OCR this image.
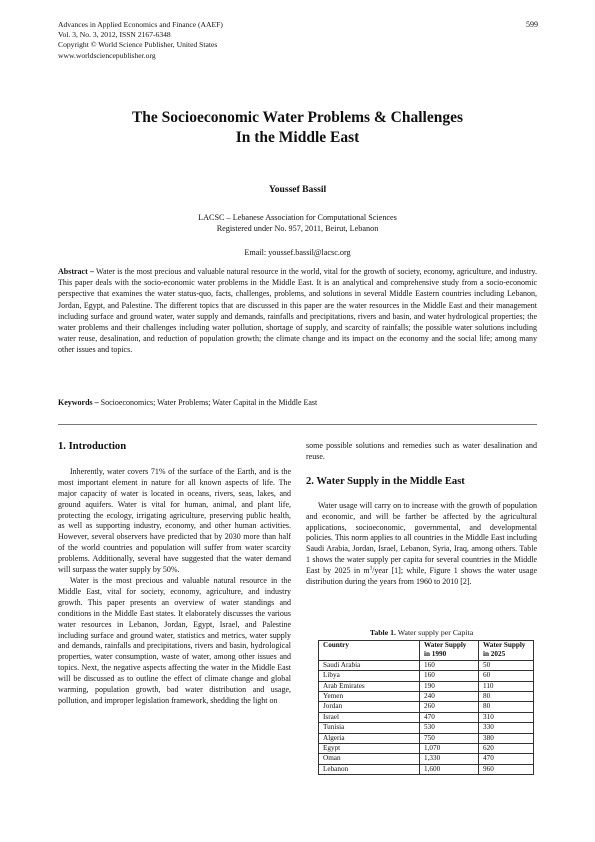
Advances in Applied Economics and Finance (AAEF)
Vol. 3, No. 3, 2012, ISSN 2167-6348
Copyright © World Science Publisher, United States
www.worldsciencepublisher.org
599
The Socioeconomic Water Problems & Challenges
In the Middle East
Youssef Bassil
LACSC – Lebanese Association for Computational Sciences
Registered under No. 957, 2011, Beirut, Lebanon
Email: youssef.bassil@lacsc.org
Abstract – Water is the most precious and valuable natural resource in the world, vital for the growth of society, economy, agriculture, and industry. This paper deals with the socio-economic water problems in the Middle East. It is an analytical and comprehensive study from a socio-economic perspective that examines the water status-quo, facts, challenges, problems, and solutions in several Middle Eastern countries including Lebanon, Jordan, Egypt, and Palestine. The different topics that are discussed in this paper are the water resources in the Middle East and their management including surface and ground water, water supply and demands, rainfalls and precipitations, rivers and basin, and water hydrological properties; the water problems and their challenges including water pollution, shortage of supply, and scarcity of rainfalls; the possible water solutions including water reuse, desalination, and reduction of population growth; the climate change and its impact on the economy and the social life; among many other issues and topics.
Keywords – Socioeconomics; Water Problems; Water Capital in the Middle East
1. Introduction

Inherently, water covers 71% of the surface of the Earth, and is the most important element in nature for all known aspects of life. The major capacity of water is located in oceans, rivers, seas, lakes, and ground aquifers. Water is vital for human, animal, and plant life, protecting the ecology, irrigating agriculture, preserving public health, as well as supporting industry, economy, and other human activities. However, several observers have predicted that by 2030 more than half of the world countries and population will suffer from water scarcity problems. Additionally, several have suggested that the water demand will surpass the water supply by 50%.

Water is the most precious and valuable natural resource in the Middle East, vital for society, economy, agriculture, and industry growth. This paper presents an overview of water standings and conditions in the Middle East states. It elaborately discusses the various water resources in Lebanon, Jordan, Egypt, Israel, and Palestine including surface and ground water, statistics and metrics, water supply and demands, rainfalls and precipitations, rivers and basin, hydrological properties, water consumption, waste of water, among other issues and topics. Next, the negative aspects affecting the water in the Middle East will be discussed as to outline the effect of climate change and global warming, population growth, bad water distribution and usage, pollution, and improper legislation framework, shedding the light on

some possible solutions and remedies such as water desalination and reuse.

2. Water Supply in the Middle East

Water usage will carry on to increase with the growth of population and economic, and will be farther be affected by the agricultural applications, socioeconomic, governmental, and developmental policies. This norm applies to all countries in the Middle East including Saudi Arabia, Jordan, Israel, Lebanon, Syria, Iraq, among others. Table 1 shows the water supply per capita for several countries in the Middle East by 2025 in $m^3$/year [1]; while, Figure 1 shows the water usage distribution during the years from 1960 to 2010 [2].

Table 1. Water supply per Capita
Country	Water Supply in 1990	Water Supply in 2025
Saudi Arabia	160	50
Libya	160	60
Arab Emirates	190	110
Yemen	240	80
Jordan	260	80
Israel	470	310
Tunisia	530	330
Algeria	750	380
Egypt	1,070	620
Oman	1,330	470
Lebanon	1,600	960
